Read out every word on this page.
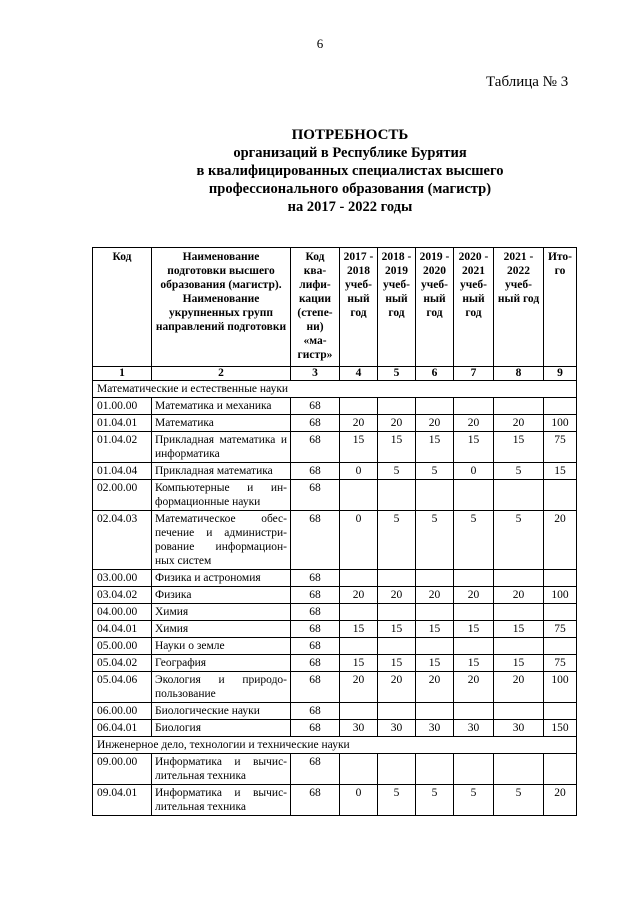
6
Таблица № 3
ПОТРЕБНОСТЬ
организаций в Республике Бурятия
в квалифицированных специалистах высшего
профессионального образования (магистр)
на 2017 - 2022 годы
Код	Наименование подготовки высшего образования (магистр). Наименование укрупненных групп направлений подготовки	Код ква-лифи-кации (степе-ни) «ма-гистр»	2017 - 2018 учеб-ный год	2018 - 2019 учеб-ный год	2019 - 2020 учеб-ный год	2020 - 2021 учеб-ный год	2021 - 2022 учеб-ный год	Ито-го
1	2	3	4	5	6	7	8	9
Математические и естественные науки								
01.00.00	Математика и механика	68						
01.04.01	Математика	68	20	20	20	20	20	100
01.04.02	Прикладная математика и информатика	68	15	15	15	15	15	75
01.04.04	Прикладная математика	68	0	5	5	0	5	15
02.00.00	Компьютерные и ин-формационные науки	68						
02.04.03	Математическое обес-печение и администри-рование информацион-ных систем	68	0	5	5	5	5	20
03.00.00	Физика и астрономия	68						
03.04.02	Физика	68	20	20	20	20	20	100
04.00.00	Химия	68						
04.04.01	Химия	68	15	15	15	15	15	75
05.00.00	Науки о земле	68						
05.04.02	География	68	15	15	15	15	15	75
05.04.06	Экология и природо-пользование	68	20	20	20	20	20	100
06.00.00	Биологические науки	68						
06.04.01	Биология	68	30	30	30	30	30	150
Инженерное дело, технологии и технические науки								
09.00.00	Информатика и вычис-лительная техника	68						
09.04.01	Информатика и вычис-лительная техника	68	0	5	5	5	5	20
